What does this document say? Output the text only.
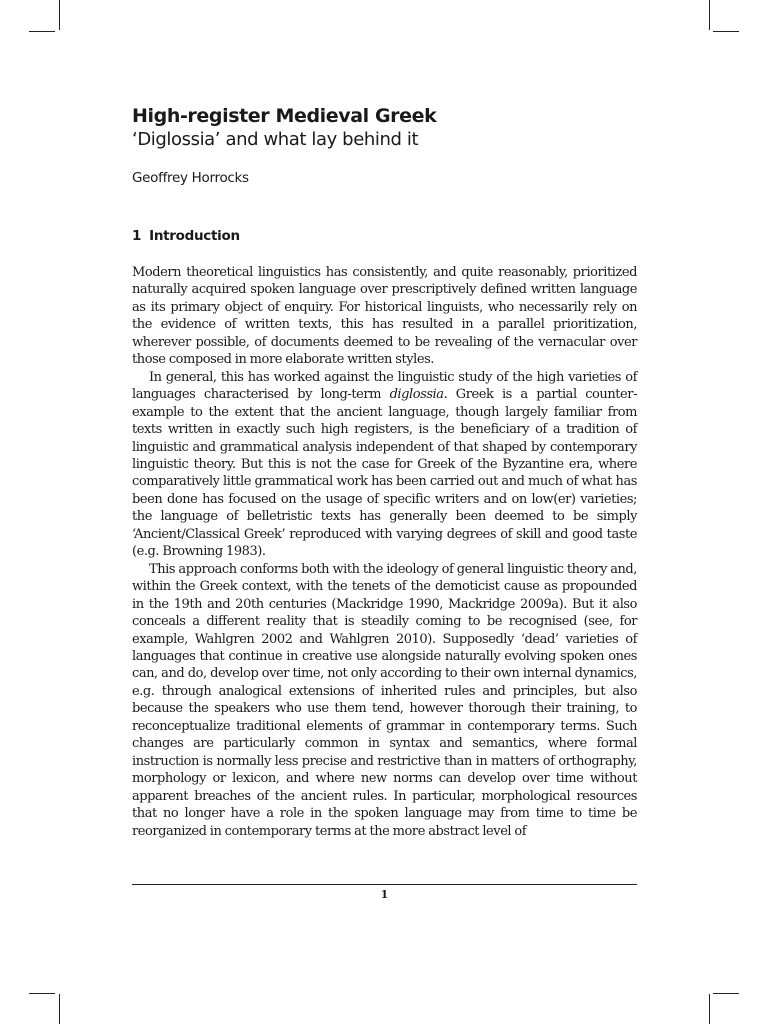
High-register Medieval Greek
‘Diglossia’ and what lay behind it
Geoffrey Horrocks
1 Introduction

Modern theoretical linguistics has consistently, and quite reasonably, prioritized naturally acquired spoken language over prescriptively defined written language as its primary object of enquiry. For historical linguists, who necessarily rely on the evidence of written texts, this has resulted in a parallel prioritization, wherever possible, of documents deemed to be revealing of the vernacular over those composed in more elaborate written styles.

In general, this has worked against the linguistic study of the high varieties of languages characterised by long-term diglossia. Greek is a partial counter-example to the extent that the ancient language, though largely familiar from texts written in exactly such high registers, is the beneficiary of a tradition of linguistic and grammatical analysis independent of that shaped by contemporary linguistic theory. But this is not the case for Greek of the Byzantine era, where comparatively little grammatical work has been carried out and much of what has been done has focused on the usage of specific writers and on low(er) varieties; the language of belletristic texts has generally been deemed to be simply ‘Ancient/Classical Greek’ reproduced with varying degrees of skill and good taste (e.g. Browning 1983).

This approach conforms both with the ideology of general linguistic theory and, within the Greek context, with the tenets of the demoticist cause as propounded in the 19th and 20th centuries (Mackridge 1990, Mackridge 2009a). But it also conceals a different reality that is steadily coming to be recognised (see, for example, Wahlgren 2002 and Wahlgren 2010). Supposedly ‘dead’ varieties of languages that continue in creative use alongside naturally evolving spoken ones can, and do, develop over time, not only according to their own internal dynamics, e.g. through analogical extensions of inherited rules and principles, but also because the speakers who use them tend, however thorough their training, to reconceptualize traditional elements of grammar in contemporary terms. Such changes are particularly common in syntax and semantics, where formal instruction is normally less precise and restrictive than in matters of orthography, morphology or lexicon, and where new norms can develop over time without apparent breaches of the ancient rules. In particular, morphological resources that no longer have a role in the spoken language may from time to time be reorganized in contemporary terms at the more abstract level of

1
